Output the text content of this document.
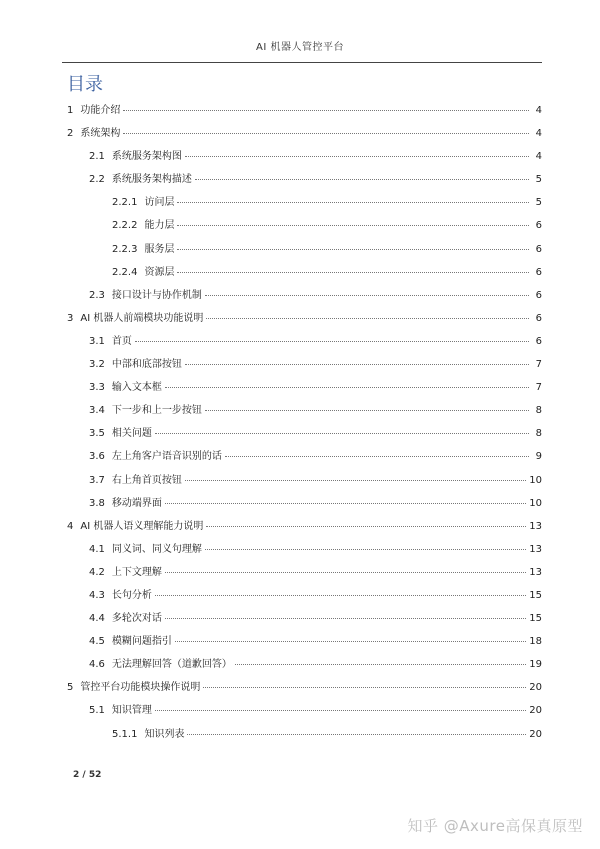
AI 机器人管控平台
目录
1 功能介绍	4
2 系统架构	4
2.1 系统服务架构图	4
2.2 系统服务架构描述	5
2.2.1 访问层	5
2.2.2 能力层	6
2.2.3 服务层	6
2.2.4 资源层	6
2.3 接口设计与协作机制	6
3 AI 机器人前端模块功能说明	6
3.1 首页	6
3.2 中部和底部按钮	7
3.3 输入文本框	7
3.4 下一步和上一步按钮	8
3.5 相关问题	8
3.6 左上角客户语音识别的话	9
3.7 右上角首页按钮	10
3.8 移动端界面	10
4 AI 机器人语义理解能力说明	13
4.1 同义词、同义句理解	13
4.2 上下文理解	13
4.3 长句分析	15
4.4 多轮次对话	15
4.5 模糊问题指引	18
4.6 无法理解回答（道歉回答）	19
5 管控平台功能模块操作说明	20
5.1 知识管理	20
5.1.1 知识列表	20
2 / 52
知乎 @Axure高保真原型
